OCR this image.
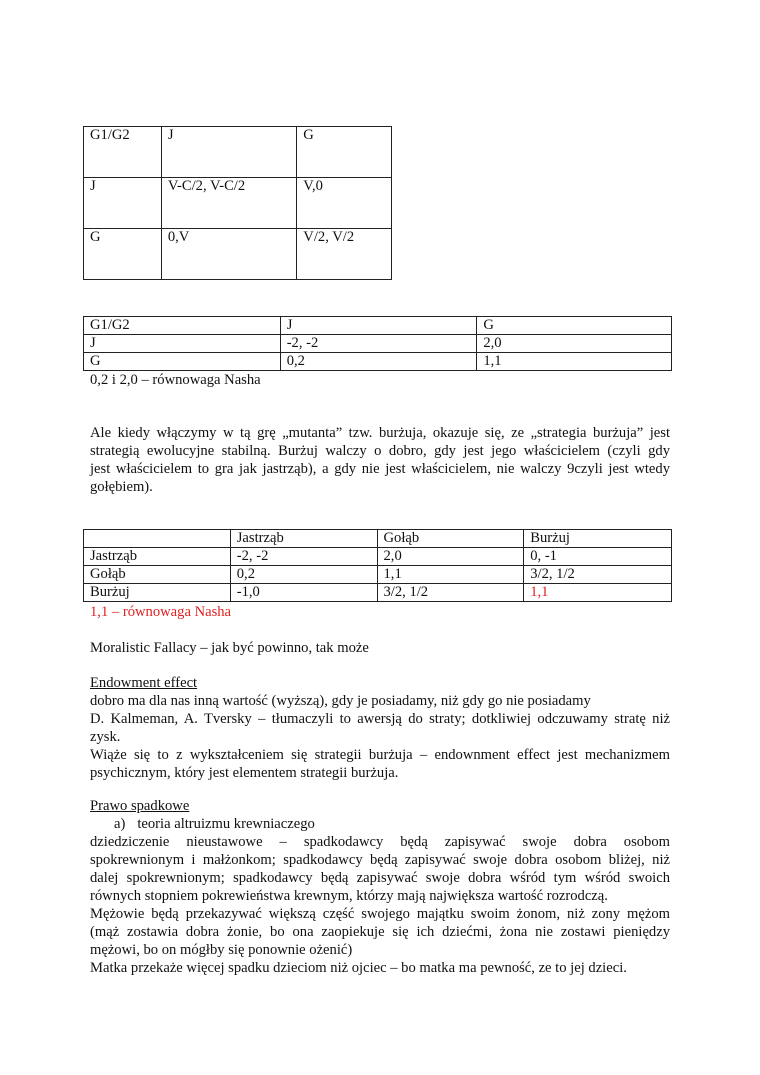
G1/G2	J	G
J	V-C/2, V-C/2	V,0
G	0,V	V/2, V/2
G1/G2	J	G
J	-2, -2	2,0
G	0,2	1,1
0,2 i 2,0 – równowaga Nasha
Ale kiedy włączymy w tą grę „mutanta” tzw. burżuja, okazuje się, ze „strategia burżuja” jest
strategią ewolucyjne stabilną. Burżuj walczy o dobro, gdy jest jego właścicielem (czyli gdy
jest właścicielem to gra jak jastrząb), a gdy nie jest właścicielem, nie walczy 9czyli jest wtedy
gołębiem).
	Jastrząb	Gołąb	Burżuj
Jastrząb	-2, -2	2,0	0, -1
Gołąb	0,2	1,1	3/2, 1/2
Burżuj	-1,0	3/2, 1/2	1,1
1,1 – równowaga Nasha
Moralistic Fallacy – jak być powinno, tak może
Endowment effect
dobro ma dla nas inną wartość (wyższą), gdy je posiadamy, niż gdy go nie posiadamy
D. Kalmeman, A. Tversky – tłumaczyli to awersją do straty; dotkliwiej odczuwamy stratę niż
zysk.
Wiąże się to z wykształceniem się strategii burżuja – endownment effect jest mechanizmem
psychicznym, który jest elementem strategii burżuja.
Prawo spadkowe
a) teoria altruizmu krewniaczego
dziedziczenie nieustawowe – spadkodawcy będą zapisywać swoje dobra osobom
spokrewnionym i małżonkom; spadkodawcy będą zapisywać swoje dobra osobom bliżej, niż
dalej spokrewnionym; spadkodawcy będą zapisywać swoje dobra wśród tym wśród swoich
równych stopniem pokrewieństwa krewnym, którzy mają największa wartość rozrodczą.
Mężowie będą przekazywać większą część swojego majątku swoim żonom, niż zony mężom
(mąż zostawia dobra żonie, bo ona zaopiekuje się ich dziećmi, żona nie zostawi pieniędzy
mężowi, bo on mógłby się ponownie ożenić)
Matka przekaże więcej spadku dzieciom niż ojciec – bo matka ma pewność, ze to jej dzieci.
